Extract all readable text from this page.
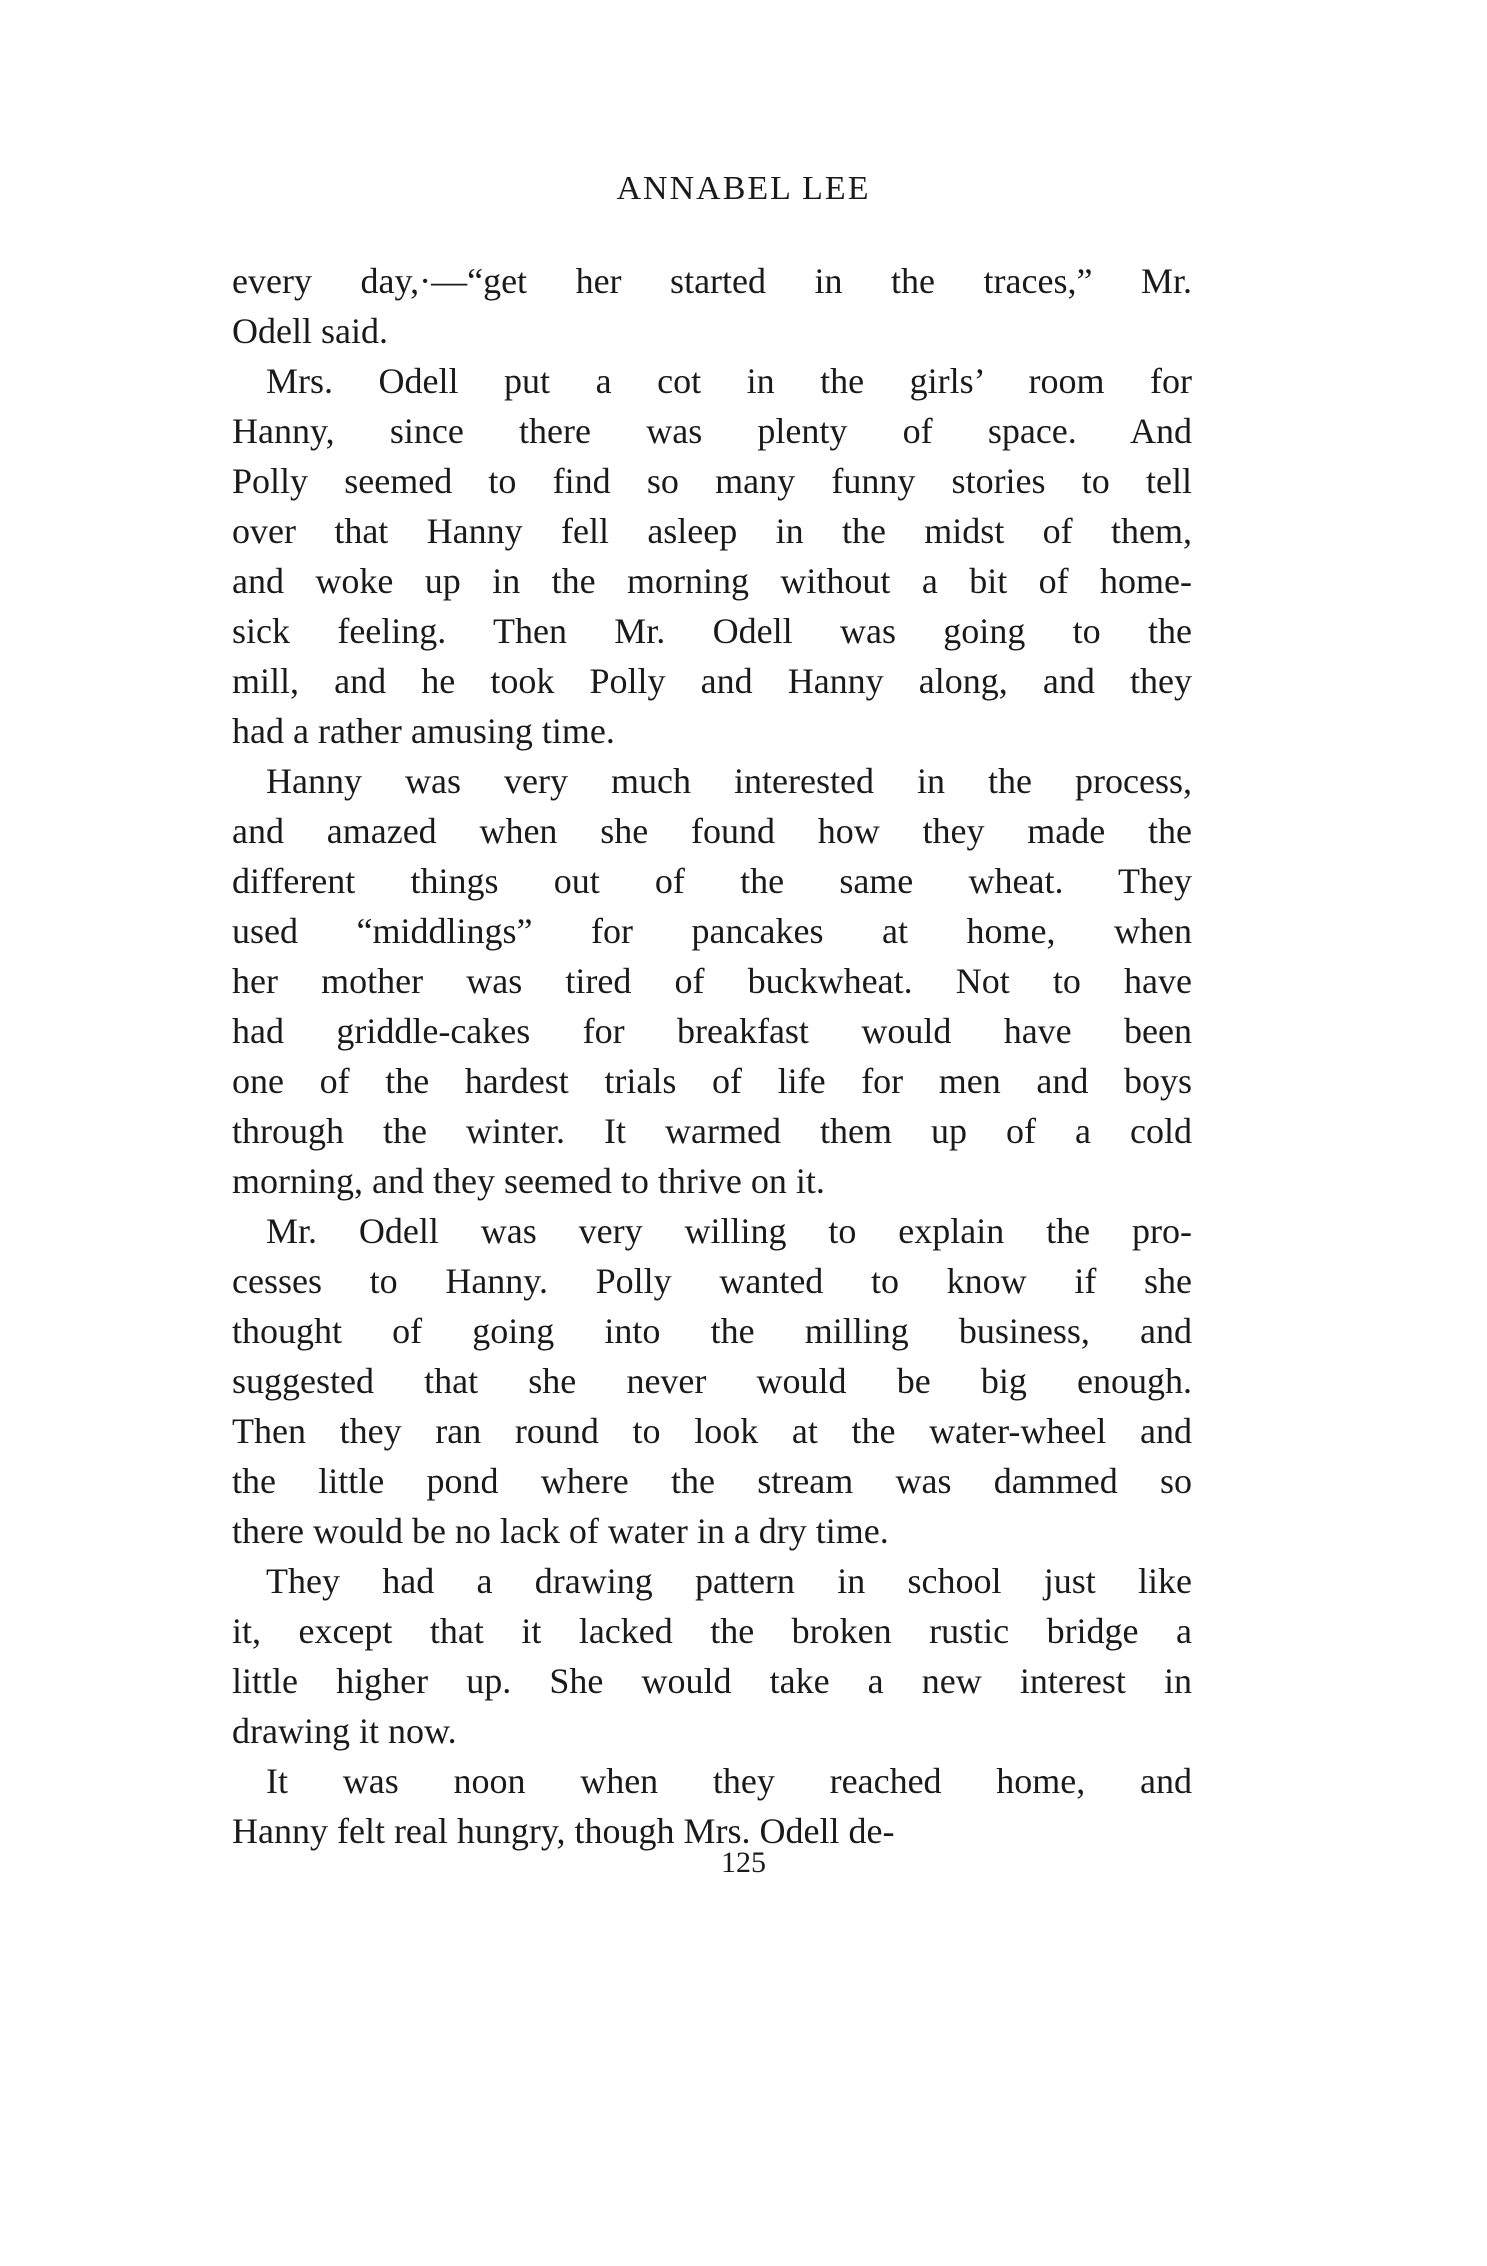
ANNABEL LEE
every day,·—“get her started in the traces,” Mr.
Odell said.
Mrs. Odell put a cot in the girls’ room for
Hanny, since there was plenty of space. And
Polly seemed to find so many funny stories to tell
over that Hanny fell asleep in the midst of them,
and woke up in the morning without a bit of home-
sick feeling. Then Mr. Odell was going to the
mill, and he took Polly and Hanny along, and they
had a rather amusing time.
Hanny was very much interested in the process,
and amazed when she found how they made the
different things out of the same wheat. They
used “middlings” for pancakes at home, when
her mother was tired of buckwheat. Not to have
had griddle-cakes for breakfast would have been
one of the hardest trials of life for men and boys
through the winter. It warmed them up of a cold
morning, and they seemed to thrive on it.
Mr. Odell was very willing to explain the pro-
cesses to Hanny. Polly wanted to know if she
thought of going into the milling business, and
suggested that she never would be big enough.
Then they ran round to look at the water-wheel and
the little pond where the stream was dammed so
there would be no lack of water in a dry time.
They had a drawing pattern in school just like
it, except that it lacked the broken rustic bridge a
little higher up. She would take a new interest in
drawing it now.
It was noon when they reached home, and
Hanny felt real hungry, though Mrs. Odell de-
125
